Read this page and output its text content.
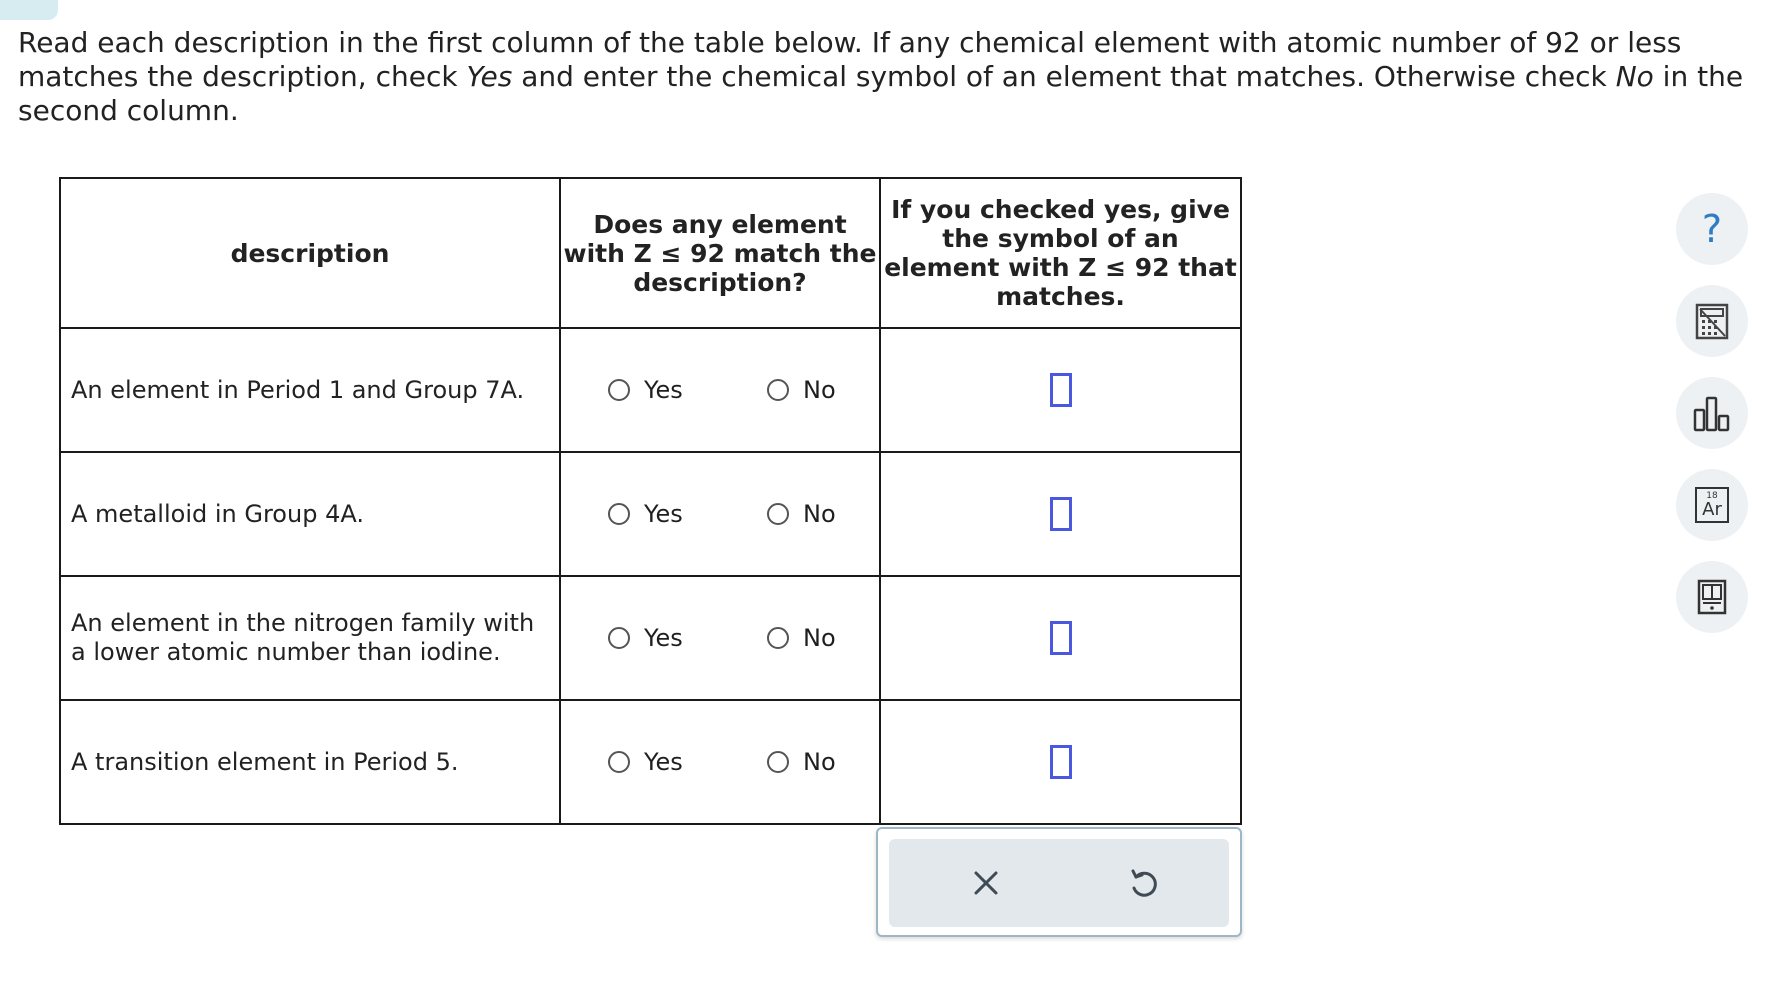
Read each description in the first column of the table below. If any chemical element with atomic number of 92 or less matches the description, check Yes and enter the chemical symbol of an element that matches. Otherwise check No in the second column.

description	Does any element with Z ≤ 92 match the description?	If you checked yes, give the symbol of an element with Z ≤ 92 that matches.
An element in Period 1 and Group 7A.	Yes No	

A metalloid in Group 4A.	Yes No	

An element in the nitrogen family with a lower atomic number than iodine.	Yes No	

A transition element in Period 5.	Yes No	

?
18
Ar
